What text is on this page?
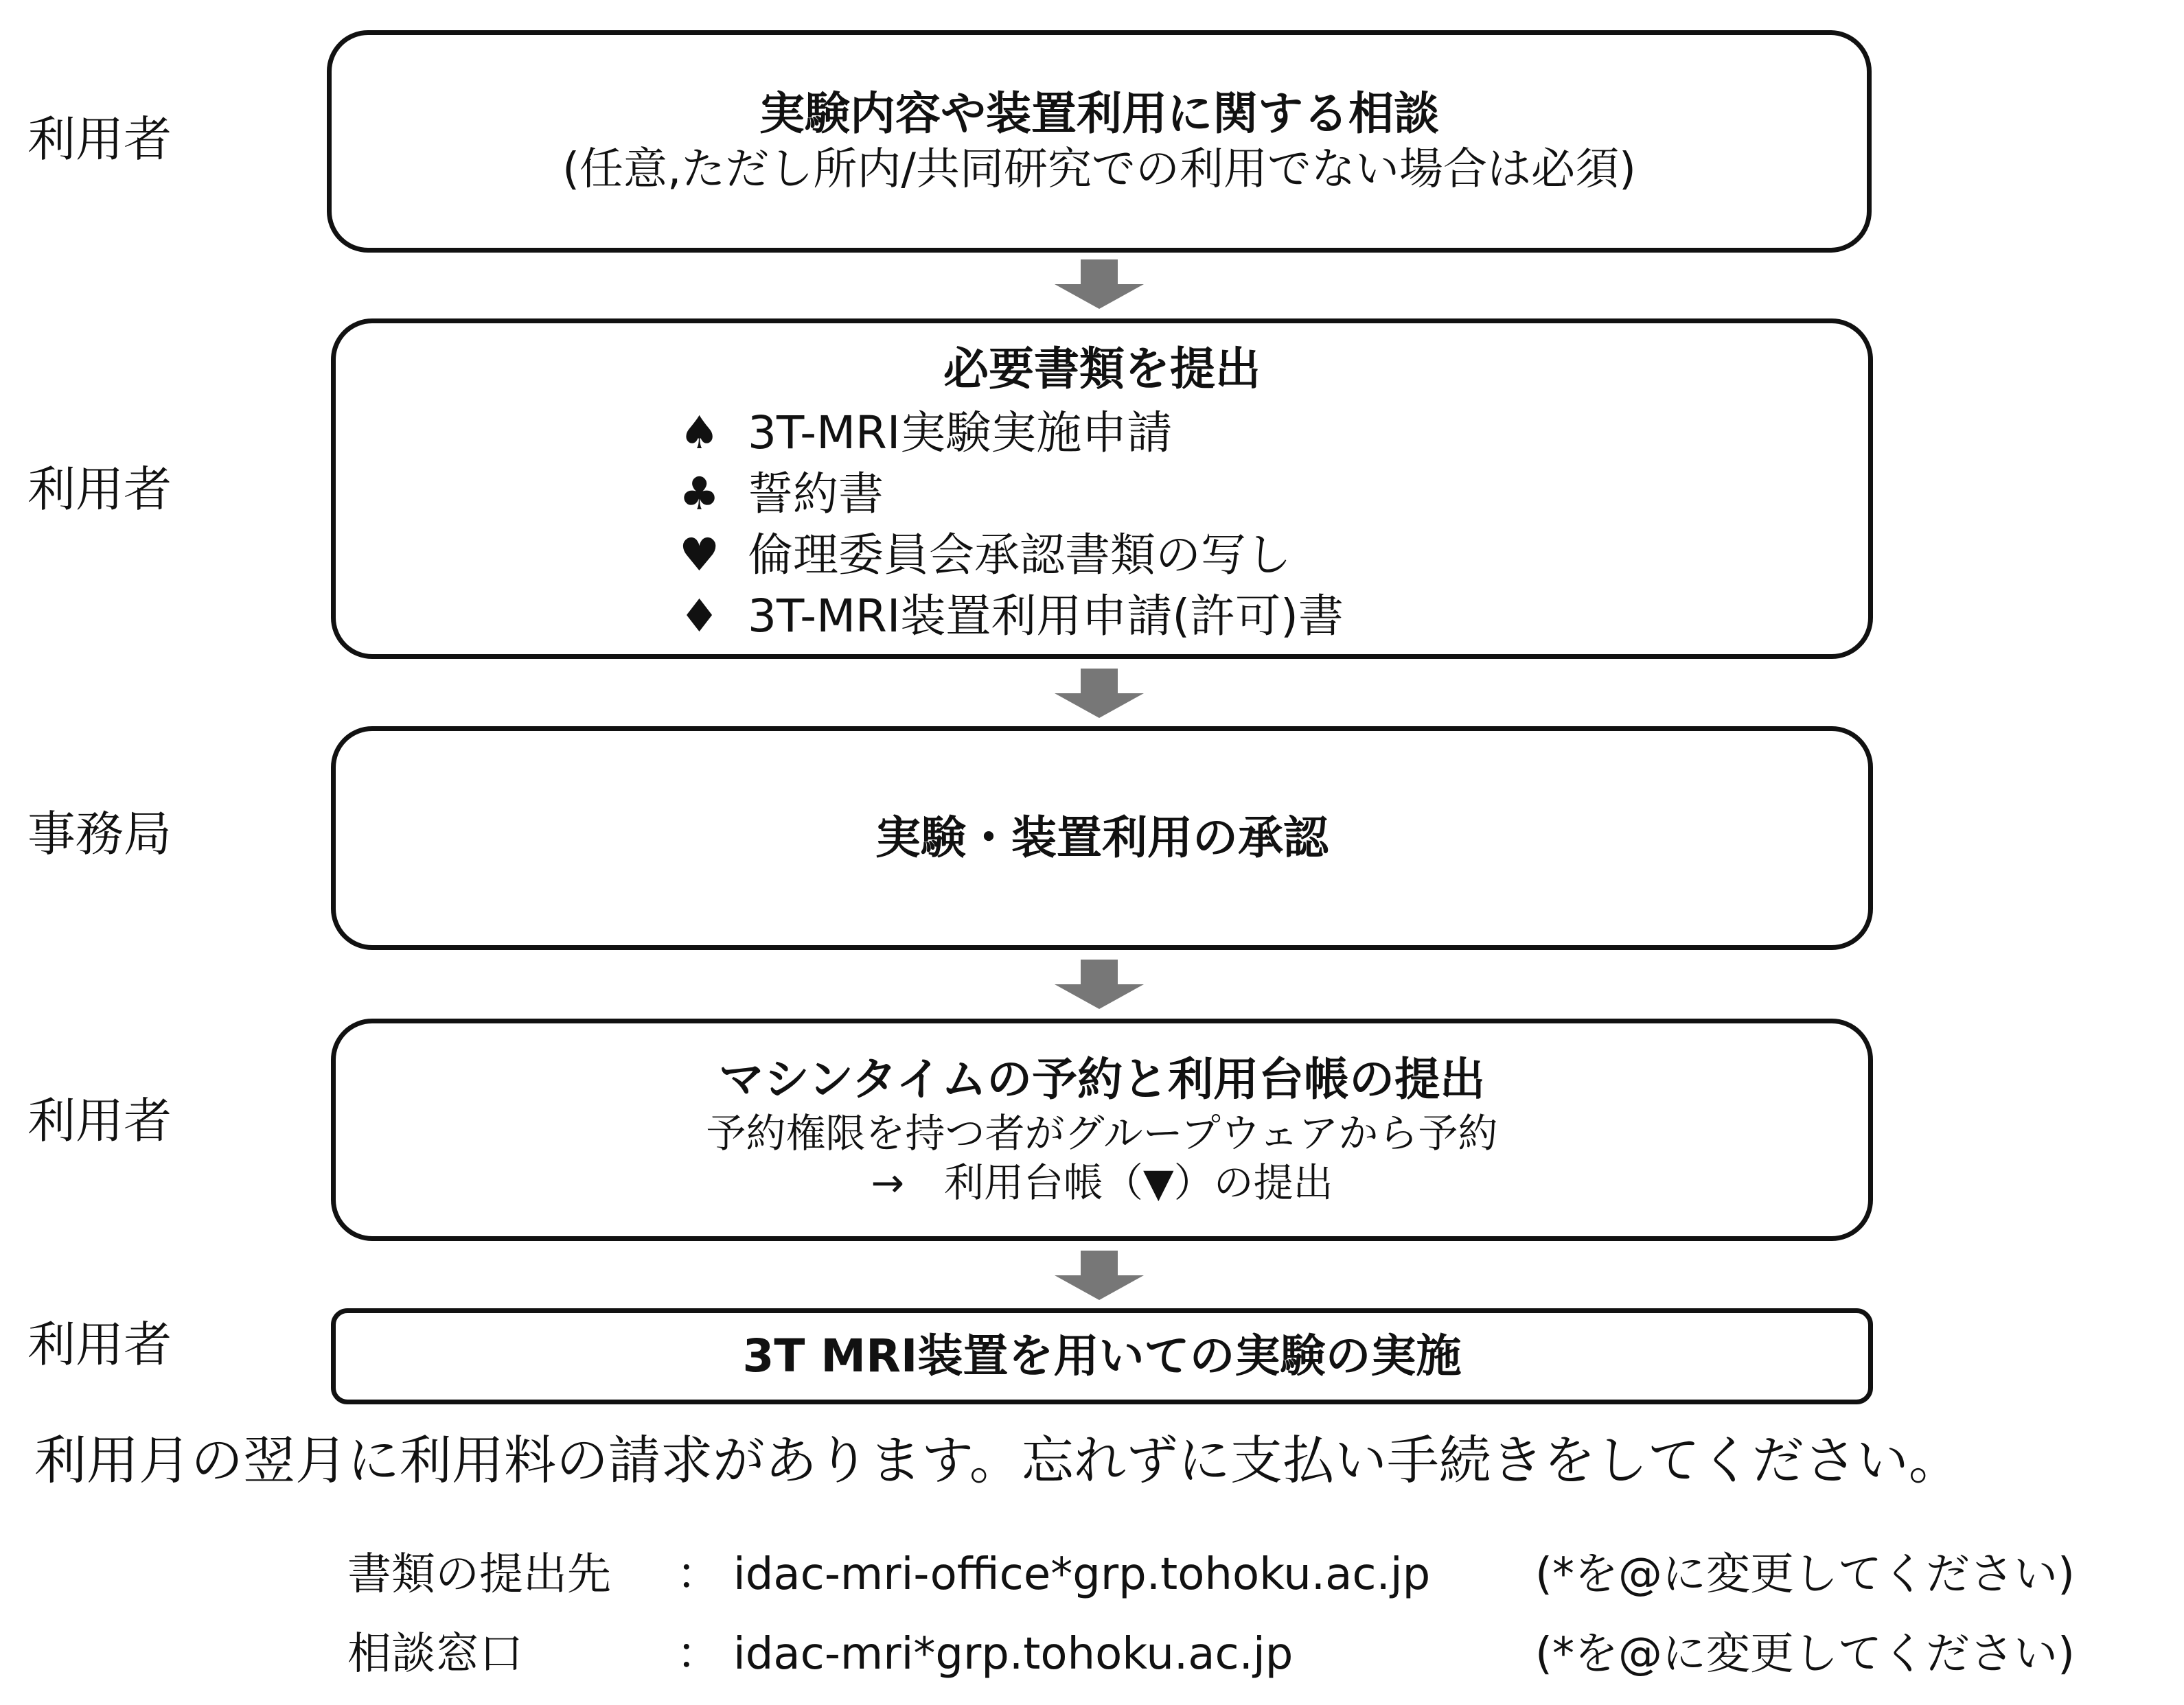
利用者
利用者
事務局
利用者
利用者
実験内容や装置利用に関する相談
(任意,ただし所内/共同研究での利用でない場合は必須)
必要書類を提出
♠ 3T-MRI実験実施申請
♣ 誓約書
♥ 倫理委員会承認書類の写し
♦ 3T-MRI装置利用申請(許可)書
実験・装置利用の承認
マシンタイムの予約と利用台帳の提出
予約権限を持つ者がグループウェアから予約
→　利用台帳（▼）の提出
3T MRI装置を用いての実験の実施
利用月の翌月に利用料の請求があります。忘れずに支払い手続きをしてください。
書類の提出先 ： idac-mri-office*grp.tohoku.ac.jp (*を@に変更してください)
相談窓口	： idac-mri*grp.tohoku.ac.jp	(*を@に変更してください)
